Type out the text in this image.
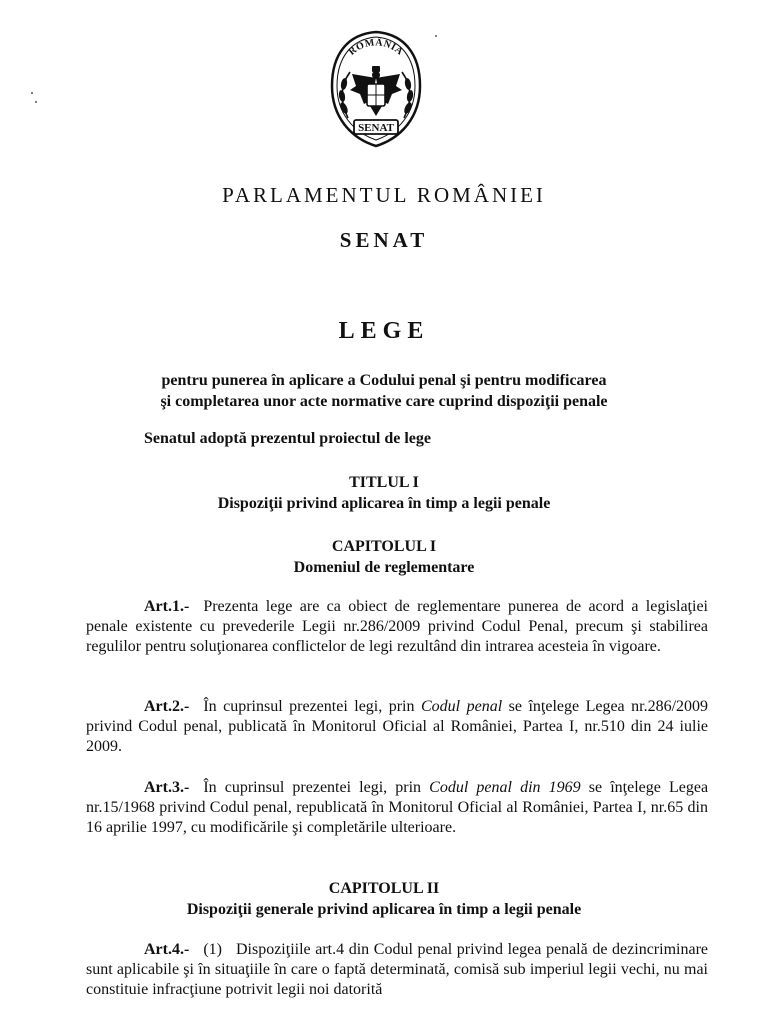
ROMÂNIA
SENAT
PARLAMENTUL ROMÂNIEI
SENAT
LEGE
pentru punerea în aplicare a Codului penal şi pentru modificarea
şi completarea unor acte normative care cuprind dispoziţii penale
Senatul adoptă prezentul proiectul de lege
TITLUL I
Dispoziţii privind aplicarea în timp a legii penale
CAPITOLUL I
Domeniul de reglementare
Art.1.- Prezenta lege are ca obiect de reglementare punerea de acord a legislaţiei penale existente cu prevederile Legii nr.286/2009 privind Codul Penal, precum şi stabilirea regulilor pentru soluţionarea conflictelor de legi rezultând din intrarea acesteia în vigoare.
Art.2.- În cuprinsul prezentei legi, prin Codul penal se înţelege Legea nr.286/2009 privind Codul penal, publicată în Monitorul Oficial al României, Partea I, nr.510 din 24 iulie 2009.
Art.3.- În cuprinsul prezentei legi, prin Codul penal din 1969 se înţelege Legea nr.15/1968 privind Codul penal, republicată în Monitorul Oficial al României, Partea I, nr.65 din 16 aprilie 1997, cu modificările şi completările ulterioare.
CAPITOLUL II
Dispoziţii generale privind aplicarea în timp a legii penale
Art.4.- (1) Dispoziţiile art.4 din Codul penal privind legea penală de dezincriminare sunt aplicabile şi în situaţiile în care o faptă determinată, comisă sub imperiul legii vechi, nu mai constituie infracţiune potrivit legii noi datorită
